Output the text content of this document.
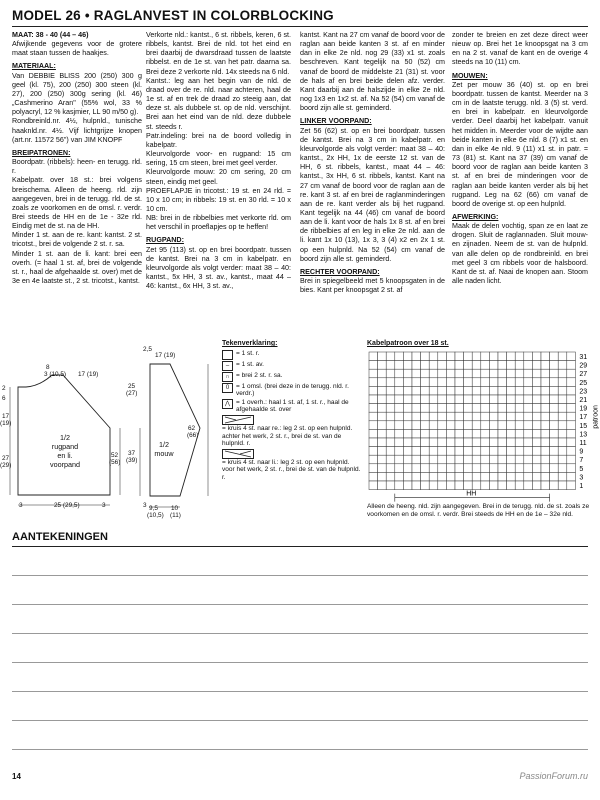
MODEL 26 • RAGLANVEST IN COLORBLOCKING

MAAT: 38 - 40 (44 – 46)

Afwijkende gegevens voor de grotere maat staan tussen de haakjes.

MATERIAAL:

Van DEBBIE BLISS 200 (250) 300 g geel (kl. 75), 200 (250) 300 steen (kl. 27), 200 (250) 300g sering (kl. 46) „Cashmerino Aran" (55% wol, 33 % polyacryl, 12 % kasjmier, LL 90 m/50 g).

Rondbreinld.nr. 4½, hulpnld., tunische haaknld.nr. 4½. Vijf lichtgrijze knopen (art.nr. 11572 56") van JIM KNOPF

BREIPATRONEN:

Boordpatr. (ribbels): heen- en terugg. rld. r.

Kabelpatr. over 18 st.: brei volgens breischema. Alleen de heeng. rld. zijn aangegeven, brei in de terugg. rld. de st. zoals ze voorkomen en de omsl. r. verdr. Brei steeds de HH en de 1e - 32e rld. Eindig met de st. na de HH.

Minder 1 st. aan de re. kant: kantst. 2 st. tricotst., brei de volgende 2 st. r. sa.

Minder 1 st. aan de li. kant: brei een overh. (= haal 1 st. af, brei de volgende st. r., haal de afgehaalde st. over) met de 3e en 4e laatste st., 2 st. tricotst., kantst.

Verkorte nld.: kantst., 6 st. ribbels, keren, 6 st. ribbels, kantst. Brei de nld. tot het eind en brei daarbij de dwarsdraad tussen de laatste ribbelst. en de 1e st. van het patr. daarna sa. Brei deze 2 verkorte nld. 14x steeds na 6 nld.

Kantst.: leg aan het begin van de nld. de draad over de re. nld. naar achteren, haal de 1e st. af en trek de draad zo steeig aan, dat deze st. als dubbele st. op de nld. verschijnt. Brei aan het eind van de nld. deze dubbele st. steeds r.

Patr.indeling: brei na de boord volledig in kabelpatr.

Kleurvolgorde voor- en rugpand: 15 cm sering, 15 cm steen, brei met geel verder.

Kleurvolgorde mouw: 20 cm sering, 20 cm steen, eindig met geel.

PROEFLAPJE in tricotst.: 19 st. en 24 rld. = 10 x 10 cm; in ribbels: 19 st. en 30 rld. = 10 x 10 cm.

NB: brei in de ribbelbies met verkorte rld. om het verschil in proeflapjes op te heffen!

RUGPAND:

Zet 95 (113) st. op en brei boordpatr. tussen de kantst. Brei na 3 cm in kabelpatr. en kleurvolgorde als volgt verder: maat 38 – 40: kantst., 5x HH, 3 st. av., kantst., maat 44 – 46: kantst., 6x HH, 3 st. av.,

kantst. Kant na 27 cm vanaf de boord voor de raglan aan beide kanten 3 st. af en minder dan in elke 2e nld. nog 29 (33) x1 st. zoals beschreven. Kant tegelijk na 50 (52) cm vanaf de boord de middelste 21 (31) st. voor de hals af en brei beide delen afz. verder. Kant daarbij aan de halszijde in elke 2e nld. nog 1x3 en 1x2 st. af. Na 52 (54) cm vanaf de boord zijn alle st. geminderd.

LINKER VOORPAND:

Zet 56 (62) st. op en brei boordpatr. tussen de kantst. Brei na 3 cm in kabelpatr. en kleurvolgorde als volgt verder: maat 38 – 40: kantst., 2x HH, 1x de eerste 12 st. van de HH, 6 st. ribbels, kantst., maat 44 – 46: kantst., 3x HH, 6 st. ribbels, kantst. Kant na 27 cm vanaf de boord voor de raglan aan de re. kant 3 st. af en brei de raglanminderingen aan de re. kant verder als bij het rugpand. Kant tegelijk na 44 (46) cm vanaf de boord aan de li. kant voor de hals 1x 8 st. af en brei de ribbelbies af en leg in elke 2e nld. aan de li. kant 1x 10 (13), 1x 3, 3 (4) x2 en 2x 1 st. op een hulpnld. Na 52 (54) cm vanaf de boord zijn alle st. geminderd.

RECHTER VOORPAND:

Brei in spiegelbeeld met 5 knoopsgaten in de bies. Kant per knoopsgat 2 st. af

zonder te breien en zet deze direct weer nieuw op. Brei het 1e knoopsgat na 3 cm en na 2 st. vanaf de kant en de overige 4 steeds na 10 (11) cm.

MOUWEN:

Zet per mouw 36 (40) st. op en brei boordpatr. tussen de kantst. Meerder na 3 cm in de laatste terugg. nld. 3 (5) st. verd. en brei in kabelpatr. en kleurvolgorde verder. Deel daarbij het kabelpatr. vanuit het midden in. Meerder voor de wijdte aan beide kanten in elke 6e nld. 8 (7) x1 st. en dan in elke 4e nld. 9 (11) x1 st. in patr. = 73 (81) st. Kant na 37 (39) cm vanaf de boord voor de raglan aan beide kanten 3 st. af en brei de minderingen voor de raglan aan beide kanten verder als bij het rugpand. Leg na 62 (66) cm vanaf de boord de overige st. op een hulpnld.

AFWERKING:

Maak de delen vochtig, span ze en laat ze drogen. Sluit de raglannaden. Sluit mouw- en zijnaden. Neem de st. van de hulpnld. van alle delen op de rondbreinld. en brei met geel 3 cm ribbels voor de halsboord. Kant de st. af. Naai de knopen aan. Stoom alle naden licht.

8
3 (10,5) 17 (19)
2
6
17
(19)
25
(27)
27
(29)
52
(56)
3	25 (29,5)	3
2,5
17 (19)
37
(39)
62
(66)
3 9,5
(10,5)
10
(11)
1/2
rugpand
en li.
voorpand
1/2
mouw
Tekenverklaring:
= 1 st. r.
–	= 1 st. av.
∩ = brei 2 st. r. sa.
0	= 1 omsl. (brei deze in de terugg. nld. r. verdr.)
⋀ = 1 overh.: haal 1 st. af, 1 st. r., haal de afgehaalde st. over
= kruis 4 st. naar re.: leg 2 st. op een hulpnld. achter het werk, 2 st. r., brei de st. van de hulpnld. r.
= kruis 4 st. naar li.: leg 2 st. op een hulpnld. voor het werk, 2 st. r., brei de st. van de hulpnld. r.
Kabelpatroon over 18 st.
31
29
27
25
23
21
19
17
15
13
11
9
7
5
3
1
patroon
HH
Alleen de heeng. nld. zijn aangegeven. Brei in de terugg. nld. de st. zoals ze voorkomen en de omsl. r. verdr. Brei steeds de HH en de 1e – 32e nld.
AANTEKENINGEN
14	PassionForum.ru
